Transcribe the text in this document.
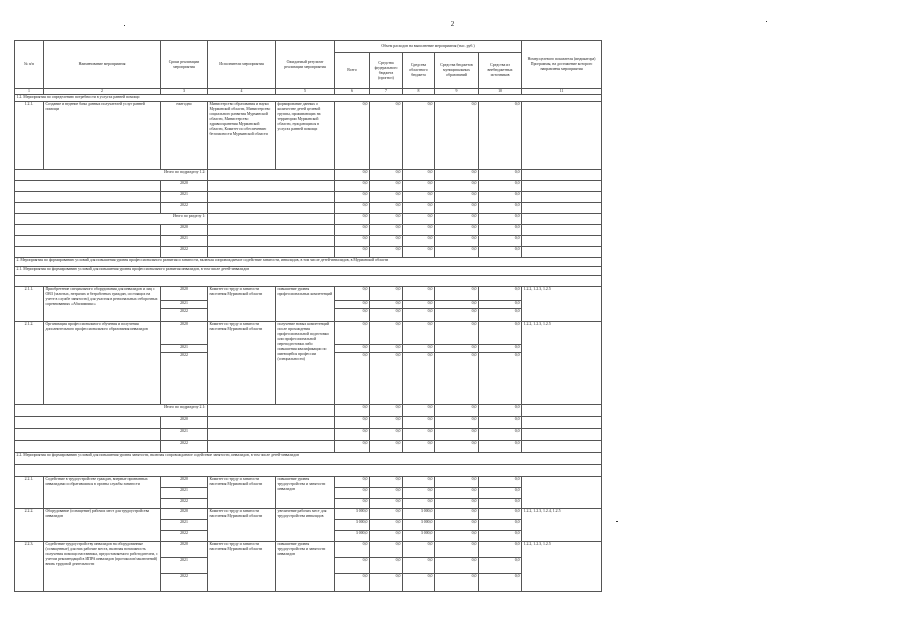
2
№ п/п	Наименование мероприятия	Сроки реализации мероприятия	Исполнители мероприятия	Ожидаемый результат реализации мероприятия	Объем расходов на выполнение мероприятия (тыс. руб.)					Номер целевого показателя (индикатора) Программы, на достижение которого направлены мероприятия
					Всего	Средства федерального бюджета (прогноз)	Средства областного бюджета	Средства бюджетов муниципальных образований	Средства из внебюджетных источников	
1	2	3	4	5	6	7	8	9	10	11
1.2. Мероприятия по определению потребности в услугах ранней помощи										
1.2.1.	Создание и ведение базы данных получателей услуг ранней помощи	ежегодно	Министерство образования и науки Мурманской области, Министерство социального развития Мурманской области, Министерство здравоохранения Мурманской области, Комитет по обеспечению безопасности Мурманской области	формирование данных о количестве детей целевой группы, проживающих на территории Мурманской области, нуждающихся в услугах ранней помощи	0,0	0,0	0,0	0,0	0,0	
Итого по подразделу 1.2:					0,0	0,0	0,0	0,0	0,0	
		2020			0,0	0,0	0,0	0,0	0,0	
		2021			0,0	0,0	0,0	0,0	0,0	
		2022			0,0	0,0	0,0	0,0	0,0	
Итого по разделу 1:					0,0	0,0	0,0	0,0	0,0	
		2020			0,0	0,0	0,0	0,0	0,0	
		2021			0,0	0,0	0,0	0,0	0,0	
		2022			0,0	0,0	0,0	0,0	0,0	
2. Мероприятия по формированию условий для повышения уровня профессионального развития и занятости, включая сопровождаемое содействие занятости, инвалидов, в том числе детей-инвалидов, в Мурманской области										
2.1. Мероприятия по формированию условий для повышения уровня профессионального развития инвалидов, в том числе детей-инвалидов										

2.1.1.	Приобретение специального оборудования для инвалидов и лиц с ОВЗ (залитых, незрячих и безработных граждан, состоящих на учете в службе занятости) для участия в региональных отборочных соревнованиях «Абилимпикс»	2020	Комитет по труду и занятости населения Мурманской области	повышение уровня профессиональных компетенций	0,0	0,0	0,0	0,0	0,0	1.2.2, 1.2.3, 1.2.5
		2021			0,0	0,0	0,0	0,0	0,0	
		2022			0,0	0,0	0,0	0,0	0,0	
2.1.2.	Организация профессионального обучения и получения дополнительного профессионального образования инвалидов	2020	Комитет по труду и занятости населения Мурманской области	получение новых компетенций после прохождения профессиональной подготовки или профессиональной переподготовки либо повышения квалификации по имеющейся профессии (специальности)	0,0	0,0	0,0	0,0	0,0	1.2.2, 1.2.3, 1.2.5
		2021			0,0	0,0	0,0	0,0	0,0	
		2022			0,0	0,0	0,0	0,0	0,0	
Итого по подразделу 2.1:					0,0	0,0	0,0	0,0	0,0	
		2020			0,0	0,0	0,0	0,0	0,0	
		2021			0,0	0,0	0,0	0,0	0,0	
		2022			0,0	0,0	0,0	0,0	0,0	
2.2. Мероприятия по формированию условий для повышения уровня занятости, включая сопровождаемое содействие занятости, инвалидов, в том числе детей-инвалидов										

2.2.1.	Содействие в трудоустройстве граждан, впервые признанных инвалидами и обратившихся в органы службы занятости	2020	Комитет по труду и занятости населения Мурманской области	повышение уровня трудоустройства и занятости инвалидов	0,0	0,0	0,0	0,0	0,0	
		2021			0,0	0,0	0,0	0,0	0,0	
		2022			0,0	0,0	0,0	0,0	0,0	
2.2.2.	Оборудование (оснащение) рабочих мест для трудоустройства инвалидов	2020	Комитет по труду и занятости населения Мурманской области	увеличение рабочих мест для трудоустройства инвалидов	3 000,0	0,0	3 000,0	0,0	0,0	1.2.2, 1.2.3, 1.2.4, 1.2.5
		2021			3 000,0	0,0	3 000,0	0,0	0,0	
		2022			3 000,0	0,0	3 000,0	0,0	0,0	
2.2.3.	Содействие трудоустройству инвалидов на оборудованные (оснащенные) для них рабочие места, включая возможность получения помощи наставника, предоставляемого работодателем, с учетом рекомендаций в ИПРА инвалидов (протоколов/заключений) вновь трудовой деятельности	2020	Комитет по труду и занятости населения Мурманской области	повышение уровня трудоустройства и занятости инвалидов	0,0	0,0	0,0	0,0	0,0	1.2.2, 1.2.3, 1.2.5
		2021			0,0	0,0	0,0	0,0	0,0	
		2022			0,0	0,0	0,0	0,0	0,0	
